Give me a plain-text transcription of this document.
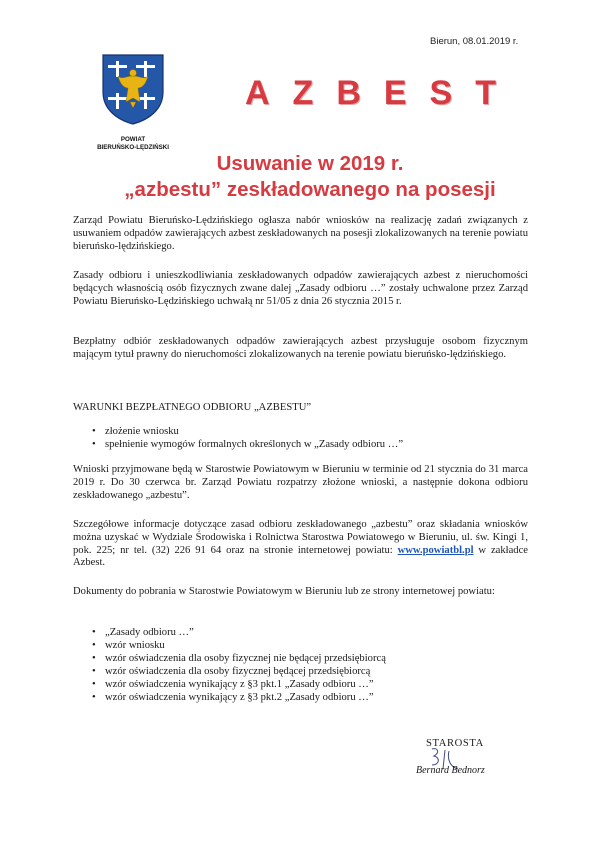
Bierun, 08.01.2019 r.
POWIAT
BIERUŃSKO-LĘDZIŃSKI
AZBEST
Usuwanie w 2019 r.
„azbestu” zeskładowanego na posesji

Zarząd Powiatu Bieruńsko-Lędzińskiego ogłasza nabór wniosków na realizację zadań związanych z usuwaniem odpadów zawierających azbest zeskładowanych na posesji zlokalizowanych na terenie powiatu bieruńsko-lędzińskiego.

Zasady odbioru i unieszkodliwiania zeskładowanych odpadów zawierających azbest z nieruchomości będących własnością osób fizycznych zwane dalej „Zasady odbioru …” zostały uchwalone przez Zarząd Powiatu Bieruńsko-Lędzińskiego uchwałą nr 51/05 z dnia 26 stycznia 2015 r.

Bezpłatny odbiór zeskładowanych odpadów zawierających azbest przysługuje osobom fizycznym mającym tytuł prawny do nieruchomości zlokalizowanych na terenie powiatu bieruńsko-lędzińskiego.

WARUNKI BEZPŁATNEGO ODBIORU „AZBESTU”
• złożenie wniosku
• spełnienie wymogów formalnych określonych w „Zasady odbioru …”

Wnioski przyjmowane będą w Starostwie Powiatowym w Bieruniu w terminie od 21 stycznia do 31 marca 2019 r. Do 30 czerwca br. Zarząd Powiatu rozpatrzy złożone wnioski, a następnie dokona odbioru zeskładowanego „azbestu”.

Szczegółowe informacje dotyczące zasad odbioru zeskładowanego „azbestu” oraz składania wniosków można uzyskać w Wydziale Środowiska i Rolnictwa Starostwa Powiatowego w Bieruniu, ul. św. Kingi 1, pok. 225; nr tel. (32) 226 91 64 oraz na stronie internetowej powiatu: www.powiatbl.pl w zakładce Azbest.

Dokumenty do pobrania w Starostwie Powiatowym w Bieruniu lub ze strony internetowej powiatu:

• „Zasady odbioru …”
• wzór wniosku
• wzór oświadczenia dla osoby fizycznej nie będącej przedsiębiorcą
• wzór oświadczenia dla osoby fizycznej będącej przedsiębiorcą
• wzór oświadczenia wynikający z §3 pkt.1 „Zasady odbioru …”
• wzór oświadczenia wynikający z §3 pkt.2 „Zasady odbioru …”
STAROSTA
Bernard Bednorz
